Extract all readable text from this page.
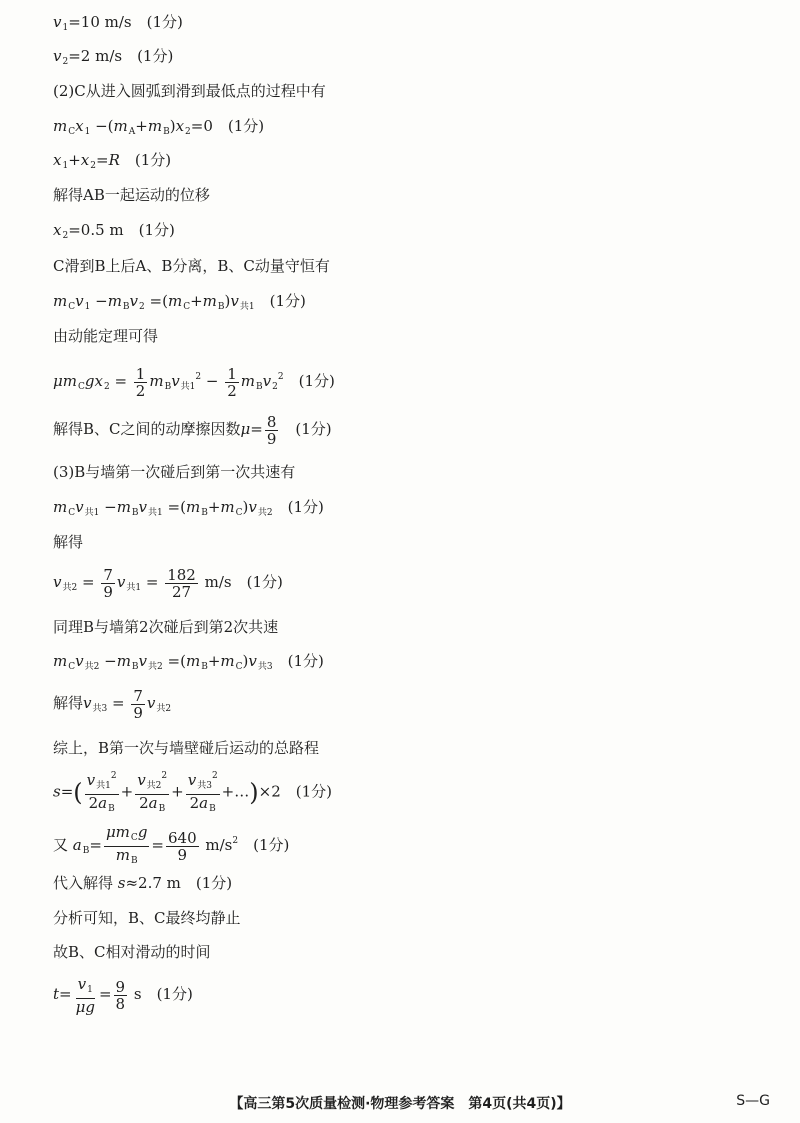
$v_1=10$ m/s　(1分)
$v_2=2$ m/s　(1分)
(2)C从进入圆弧到滑到最低点的过程中有
$m_Cx_1 -(m_A+m_B)x_2=0$　(1分)
$x_1+x_2=R$　 (1分)
解得AB一起运动的位移
$x_2=0.5$ m　(1分)
C滑到B上后A、B分离，B、C动量守恒有
$m_Cv_1 -m_Bv_2 =(m_C+m_B)v_{共1}$　 (1分)
由动能定理可得
$\mu m_Cgx_2 = \frac{1}{2} m_Bv_{共1}^2 - \frac{1}{2} m_Bv_2^2$　 (1分)
解得B、C之间的动摩擦因数$\mu= \frac{8}{9}$
　 (1分)
(3)B与墙第一次碰后到第一次共速有
$m_Cv_{共1} -m_Bv_{共1} =(m_B+m_C)v_{共2}$　 (1分)
解得
$v_{共2} = \frac{7}{9} v_{共1} = \frac{182}{27} m/s$　(1分)
同理B与墙第2次碰后到第2次共速
$m_Cv_{共2} -m_Bv_{共2} =(m_B+m_C)v_{共3}$　 (1分)
解得$v_{共3} = \frac{7}{9} v_{共2}$
综上，B第一次与墙壁碰后运动的总路程
$s=( \frac{v_{共1}^2}{2a_B} + \frac{v_{共2}^2}{2a_B} + \frac{v_{共3}^2}{2a_B}$ +…)×2　(1分)
又 $a_B= \frac{\mu m_Cg}{m_B} = \frac{640}{9} m/s^2$　 (1分)
代入解得 s≈2.7 m　(1分)
分析可知，B、C最终均静止
故B、C相对滑动的时间
$t= \frac{v_1}{\mu g} = \frac{9}{8}$ s　(1分)
【高三第5次质量检测·物理参考答案　第4页(共4页)】	S—G
